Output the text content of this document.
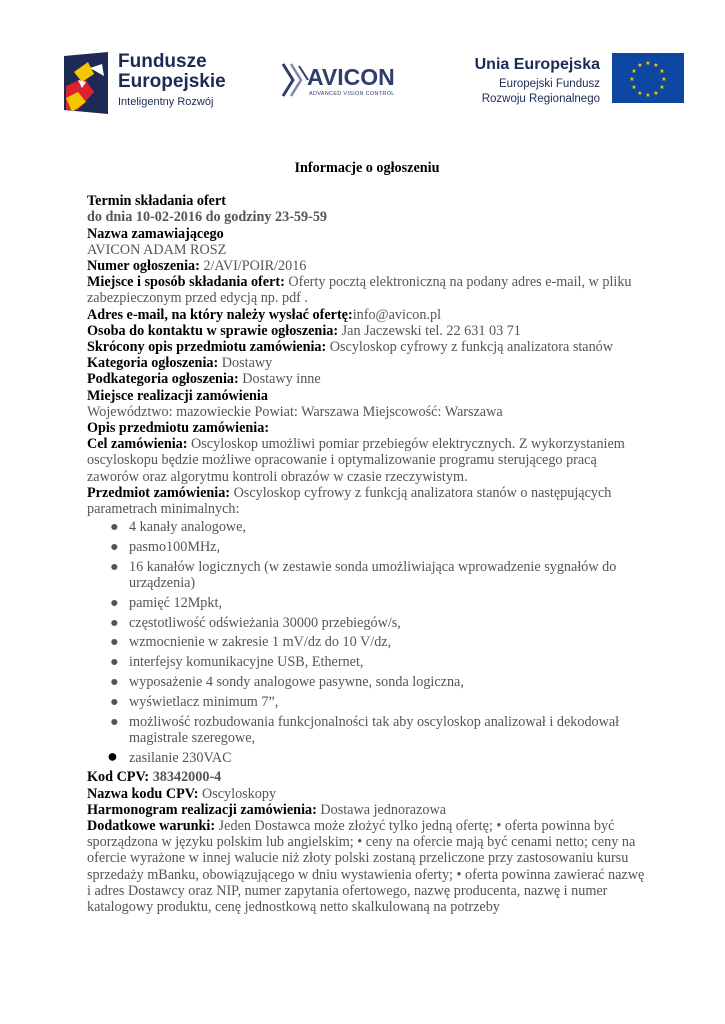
Fundusze
Europejskie
Inteligentny Rozwój
AVICON
ADVANCED VISION CONTROL
Unia Europejska
Europejski Fundusz
Rozwoju Regionalnego
★ ★
★
★
★
★
★
★
★
★
★
★

Informacje o ogłoszeniu

Termin składania ofert

do dnia 10-02-2016 do godziny 23-59-59

Nazwa zamawiającego

AVICON ADAM ROSZ

Numer ogłoszenia: 2/AVI/POIR/2016

Miejsce i sposób składania ofert: Oferty pocztą elektroniczną na podany adres e-mail, w pliku zabezpieczonym przed edycją np. pdf .

Adres e-mail, na który należy wysłać ofertę:info@avicon.pl

Osoba do kontaktu w sprawie ogłoszenia: Jan Jaczewski tel. 22 631 03 71

Skrócony opis przedmiotu zamówienia: Oscyloskop cyfrowy z funkcją analizatora stanów

Kategoria ogłoszenia: Dostawy

Podkategoria ogłoszenia: Dostawy inne

Miejsce realizacji zamówienia

Województwo: mazowieckie Powiat: Warszawa Miejscowość: Warszawa

Opis przedmiotu zamówienia:

Cel zamówienia: Oscyloskop umożliwi pomiar przebiegów elektrycznych. Z wykorzystaniem oscyloskopu będzie możliwe opracowanie i optymalizowanie programu sterującego pracą zaworów oraz algorytmu kontroli obrazów w czasie rzeczywistym.

Przedmiot zamówienia: Oscyloskop cyfrowy z funkcją analizatora stanów o następujących parametrach minimalnych:

● 4 kanały analogowe,
● pasmo100MHz,
● 16 kanałów logicznych (w zestawie sonda umożliwiająca wprowadzenie sygnałów do urządzenia)
● pamięć 12Mpkt,
● częstotliwość odświeżania 30000 przebiegów/s,
● wzmocnienie w zakresie 1 mV/dz do 10 V/dz,
● interfejsy komunikacyjne USB, Ethernet,
● wyposażenie 4 sondy analogowe pasywne, sonda logiczna,
● wyświetlacz minimum 7”,
● możliwość rozbudowania funkcjonalności tak aby oscyloskop analizował i dekodował magistrale szeregowe,
● zasilanie 230VAC

Kod CPV: 38342000-4

Nazwa kodu CPV: Oscyloskopy

Harmonogram realizacji zamówienia: Dostawa jednorazowa

Dodatkowe warunki: Jeden Dostawca może złożyć tylko jedną ofertę; • oferta powinna być sporządzona w języku polskim lub angielskim; • ceny na ofercie mają być cenami netto; ceny na ofercie wyrażone w innej walucie niż złoty polski zostaną przeliczone przy zastosowaniu kursu sprzedaży mBanku, obowiązującego w dniu wystawienia oferty; • oferta powinna zawierać nazwę i adres Dostawcy oraz NIP, numer zapytania ofertowego, nazwę producenta, nazwę i numer katalogowy produktu, cenę jednostkową netto skalkulowaną na potrzeby
